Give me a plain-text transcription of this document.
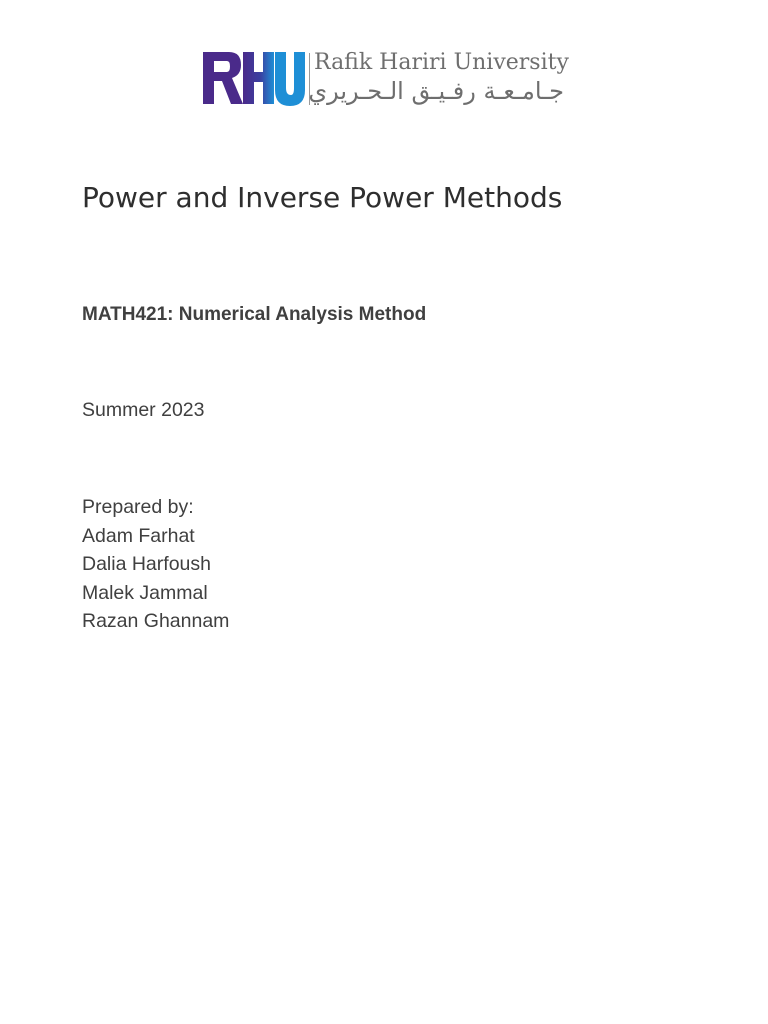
Rafik Hariri University
جـامـعـة رفـيـق الـحـريري
Power and Inverse Power Methods

MATH421: Numerical Analysis Method

Summer 2023

Prepared by:
Adam Farhat
Dalia Harfoush
Malek Jammal
Razan Ghannam
